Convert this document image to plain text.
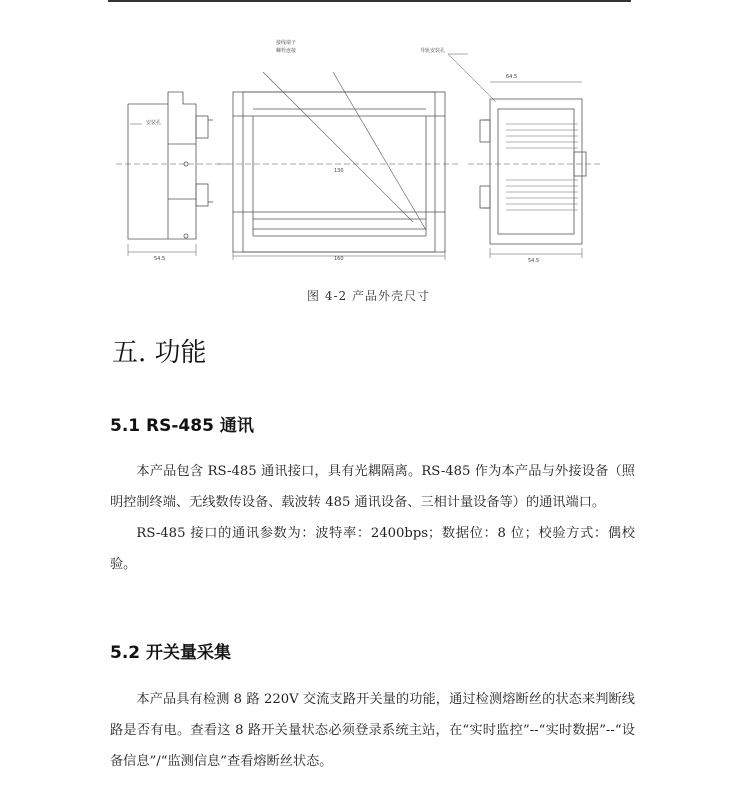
安装孔
54.5
接线端子
螺栓连接
160
130
导轨安装孔
64.5
54.5
图 4-2 产品外壳尺寸
五. 功能
5.1 RS-485 通讯

本产品包含 RS-485 通讯接口，具有光耦隔离。RS-485 作为本产品与外接设备（照明控制终端、无线数传设备、载波转 485 通讯设备、三相计量设备等）的通讯端口。

RS-485 接口的通讯参数为：波特率：2400bps；数据位：8 位；校验方式：偶校验。

5.2 开关量采集

本产品具有检测 8 路 220V 交流支路开关量的功能，通过检测熔断丝的状态来判断线路是否有电。查看这 8 路开关量状态必须登录系统主站，在“实时监控”--“实时数据”--“设备信息”/“监测信息”查看熔断丝状态。
